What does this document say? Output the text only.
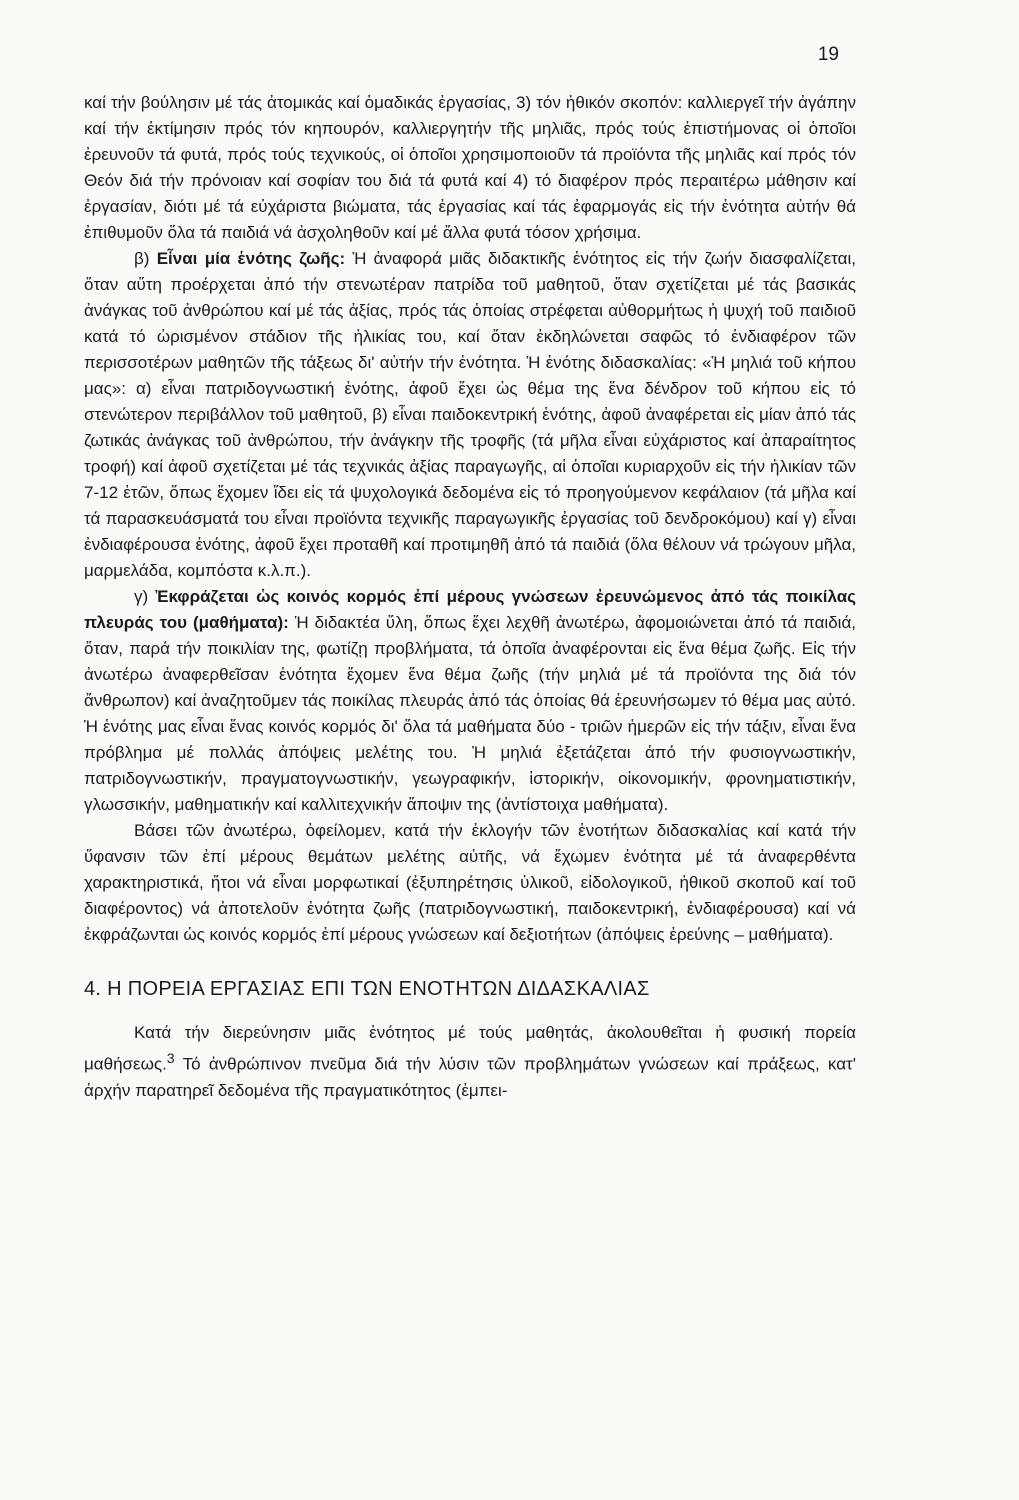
19

καί τήν βούλησιν μέ τάς ἀτομικάς καί ὁμαδικάς ἐργασίας, 3) τόν ἠθικόν σκοπόν: καλλιεργεῖ τήν ἀγάπην καί τήν ἐκτίμησιν πρός τόν κηπουρόν, καλλιεργητήν τῆς μηλιᾶς, πρός τούς ἐπιστήμονας οἱ ὁποῖοι ἐρευνοῦν τά φυτά, πρός τούς τεχνικούς, οἱ ὁποῖοι χρησιμοποιοῦν τά προϊόντα τῆς μηλιᾶς καί πρός τόν Θεόν διά τήν πρόνοιαν καί σοφίαν του διά τά φυτά καί 4) τό διαφέρον πρός περαιτέρω μάθησιν καί ἐργασίαν, διότι μέ τά εὐχάριστα βιώματα, τάς ἐργασίας καί τάς ἐφαρμογάς εἰς τήν ἑνότητα αὐτήν θά ἐπιθυμοῦν ὅλα τά παιδιά νά ἀσχοληθοῦν καί μέ ἄλλα φυτά τόσον χρήσιμα.

β) Εἶναι μία ἑνότης ζωῆς: Ἡ ἀναφορά μιᾶς διδακτικῆς ἑνότητος εἰς τήν ζωήν διασφαλίζεται, ὅταν αὕτη προέρχεται ἀπό τήν στενωτέραν πατρίδα τοῦ μαθητοῦ, ὅταν σχετίζεται μέ τάς βασικάς ἀνάγκας τοῦ ἀνθρώπου καί μέ τάς ἀξίας, πρός τάς ὁποίας στρέφεται αὐθορμήτως ἡ ψυχή τοῦ παιδιοῦ κατά τό ὡρισμένον στάδιον τῆς ἡλικίας του, καί ὅταν ἐκδηλώνεται σαφῶς τό ἐνδιαφέρον τῶν περισσοτέρων μαθητῶν τῆς τάξεως δι' αὐτήν τήν ἑνότητα. Ἡ ἑνότης διδασκαλίας: «Ἡ μηλιά τοῦ κήπου μας»: α) εἶναι πατριδογνωστική ἑνότης, ἀφοῦ ἔχει ὡς θέμα της ἕνα δένδρον τοῦ κήπου εἰς τό στενώτερον περιβάλλον τοῦ μαθητοῦ, β) εἶναι παιδοκεντρική ἑνότης, ἀφοῦ ἀναφέρεται εἰς μίαν ἀπό τάς ζωτικάς ἀνάγκας τοῦ ἀνθρώπου, τήν ἀνάγκην τῆς τροφῆς (τά μῆλα εἶναι εὐχάριστος καί ἀπαραίτητος τροφή) καί ἀφοῦ σχετίζεται μέ τάς τεχνικάς ἀξίας παραγωγῆς, αἱ ὁποῖαι κυριαρχοῦν εἰς τήν ἡλικίαν τῶν 7-12 ἐτῶν, ὅπως ἔχομεν ἴδει εἰς τά ψυχολογικά δεδομένα εἰς τό προηγούμενον κεφάλαιον (τά μῆλα καί τά παρασκευάσματά του εἶναι προϊόντα τεχνικῆς παραγωγικῆς ἐργασίας τοῦ δενδροκόμου) καί γ) εἶναι ἐνδιαφέρουσα ἑνότης, ἀφοῦ ἔχει προταθῆ καί προτιμηθῆ ἀπό τά παιδιά (ὅλα θέλουν νά τρώγουν μῆλα, μαρμελάδα, κομπόστα κ.λ.π.).

γ) Ἐκφράζεται ὡς κοινός κορμός ἐπί μέρους γνώσεων ἐρευνώμενος ἀπό τάς ποικίλας πλευράς του (μαθήματα): Ἡ διδακτέα ὕλη, ὅπως ἔχει λεχθῆ ἀνωτέρω, ἀφομοιώνεται ἀπό τά παιδιά, ὅταν, παρά τήν ποικιλίαν της, φωτίζῃ προβλήματα, τά ὁποῖα ἀναφέρονται εἰς ἕνα θέμα ζωῆς. Εἰς τήν ἀνωτέρω ἀναφερθεῖσαν ἑνότητα ἔχομεν ἕνα θέμα ζωῆς (τήν μηλιά μέ τά προϊόντα της διά τόν ἄνθρωπον) καί ἀναζητοῦμεν τάς ποικίλας πλευράς ἀπό τάς ὁποίας θά ἐρευνήσωμεν τό θέμα μας αὐτό. Ἡ ἑνότης μας εἶναι ἕνας κοινός κορμός δι' ὅλα τά μαθήματα δύο - τριῶν ἡμερῶν εἰς τήν τάξιν, εἶναι ἕνα πρόβλημα μέ πολλάς ἀπόψεις μελέτης του. Ἡ μηλιά ἐξετάζεται ἀπό τήν φυσιογνωστικήν, πατριδογνωστικήν, πραγματογνωστικήν, γεωγραφικήν, ἱστορικήν, οἰκονομικήν, φρονηματιστικήν, γλωσσικήν, μαθηματικήν καί καλλιτεχνικήν ἄποψιν της (ἀντίστοιχα μαθήματα).

Βάσει τῶν ἀνωτέρω, ὀφείλομεν, κατά τήν ἐκλογήν τῶν ἑνοτήτων διδασκαλίας καί κατά τήν ὕφανσιν τῶν ἐπί μέρους θεμάτων μελέτης αὐτῆς, νά ἔχωμεν ἑνότητα μέ τά ἀναφερθέντα χαρακτηριστικά, ἤτοι νά εἶναι μορφωτικαί (ἐξυπηρέτησις ὑλικοῦ, εἰδολογικοῦ, ἠθικοῦ σκοποῦ καί τοῦ διαφέροντος) νά ἀποτελοῦν ἑνότητα ζωῆς (πατριδογνωστική, παιδοκεντρική, ἐνδιαφέρουσα) καί νά ἐκφράζωνται ὡς κοινός κορμός ἐπί μέρους γνώσεων καί δεξιοτήτων (ἀπόψεις ἐρεύνης – μαθήματα).

4. Η ΠΟΡΕΙΑ ΕΡΓΑΣΙΑΣ ΕΠΙ ΤΩΝ ΕΝΟΤΗΤΩΝ ΔΙΔΑΣΚΑΛΙΑΣ

Κατά τήν διερεύνησιν μιᾶς ἑνότητος μέ τούς μαθητάς, ἀκολουθεῖται ἡ φυσική πορεία μαθήσεως.$^3$ Τό ἀνθρώπινον πνεῦμα διά τήν λύσιν τῶν προβλημάτων γνώσεων καί πράξεως, κατ' ἀρχήν παρατηρεῖ δεδομένα τῆς πραγματικότητος (ἐμπει-
